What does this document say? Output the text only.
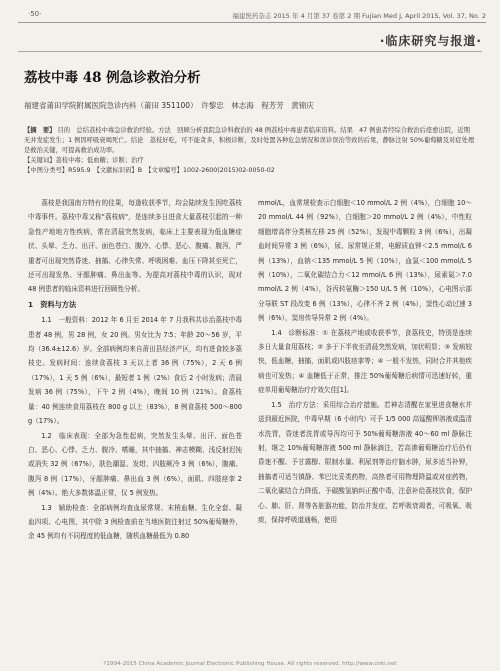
·50·	福建医药杂志 2015 年 4 月第 37 卷第 2 期 Fujian Med J, April 2015, Vol. 37, No. 2
·临床研究与报道·
荔枝中毒 48 例急诊救治分析
福建省莆田学院附属医院急诊内科（莆田 351100）　许黎忠　林志海　程芳芳　黄锦庆

【摘　要】 目的　总结荔枝中毒急诊救治经验。方法　回顾分析我院急诊科救治的 48 例荔枝中毒患者临床资料。结果　47 例患者经综合救治后痊愈出院，近期无并发症发生；1 例因呼吸衰竭死亡。结论　荔枝好吃，可不能贪多，积极诊断，及时处置各种危急情况和误诊误治等致的后果，静脉注射 50%葡萄糖及对症处理是救治关键，可提高救治成功率。

【关键词】荔枝中毒；低血糖；诊断；治疗

【中图分类号】R595.9　【文献标识码】B　【文章编号】1002-2600(2015)02-0050-02

荔枝是我国南方特有的佳果，每逢收获季节，均会陆续发生因吃荔枝中毒事件。荔枝中毒又称"荔枝病"，是连续多日进食大量荔枝引起的一种急性产地地方性疾病，常在清晨突然发病，临床上主要表现为低血糖症状、头晕、乏力、出汗、面色苍白、腹冷、心悸、恶心、腹痛、腹泻，严重者可出现突然昏迷、抽搐、心律失常、呼吸困难、血压下降甚至死亡，还可出现发热、牙龈肿痛、鼻出血等。为提高对荔枝中毒的认识，现对 48 例患者的临床资料进行回顾性分析。

1　资料与方法

1.1　一般资料：2012 年 6 月至 2014 年 7 月我科共诊治荔枝中毒患者 48 例，男 28 例，女 20 例。男女比为 7∶5；年龄 20～56 岁，平均（36.4±12.6）岁。全部病例均来自莆田县经济产区，均有进食较多荔枝史。发病时间：连续食荔枝 3 天以上者 36 例（75%），2 天 6 例（17%），1 天 5 例（6%），最短者 1 例（2%）食后 2 小时发病；清晨发病 36 例（75%），下午 2 例（4%），晚间 10 例（21%）。食荔枝量：40 例连续食用荔枝在 800 g 以上（83%），8 例食荔枝 500～800 g（17%）。

1.2　临床表现：全部为急性起病，突然发生头晕、出汗、面色苍白、恶心、心悸、乏力、腹冷、嗜睡，其中抽搐、神志模糊、浅反射迟钝或消失 32 例（67%），肤色潮湿、发绀、四肢厥冷 3 例（6%），腹痛、腹泻 8 例（17%），牙龈肿痛、鼻出血 3 例（6%），面肌、四肢痉挛 2 例（4%）。绝大多数体温正常，仅 5 例发热。

1.3　辅助检查：全部病例均查血尿常规、末梢血糖、生化全套、凝血四项、心电图，其中除 3 例检查前在当地医院注射过 50%葡萄糖外，余 45 例均有不同程度的低血糖，随机血糖最低为 0.80

mmol/L，血常规检查示白细胞＜10 mmol/L 2 例（4%），白细胞 10～20 mmol/L 44 例（92%），白细胞＞20 mmol/L 2 例（4%），中性粒细胞增高伴分类核左移 25 例（52%），发现中毒颗粒 3 例（6%），出凝血时间异常 3 例（6%），尿、尿常规正常，电解质血钾＜2.5 mmol/L 6 例（13%），血钠＜135 mmol/L 5 例（10%），血氯＜100 mmol/L 5 例（10%），二氧化碳结合力＜12 mmol/L 6 例（13%），尿素氮＞7.0 mmol/L 2 例（4%），谷丙转氨酶＞150 U/L 5 例（10%），心电图示部分导联 ST 段改变 6 例（13%），心律不齐 2 例（4%），窦性心动过速 3 例（6%），窦房传导异常 2 例（4%）。

1.4　诊断标准：① 在荔枝产地或收获季节，食荔枝史，特别是连续多日大量食用荔枝；② 多于下半夜至清晨突然发病，加状明显；③ 发病较快，低血糖，抽搐，面肌或四肢痉挛等；④ 一般不发热，同时合并其他疾病也可发热；④ 血糖低于正常，推注 50%葡萄糖后病情可迅速好转，重症单用葡萄糖治疗疗效欠佳[1]。

1.5　治疗方法：采用综合治疗措施。若神志清醒在家里进食糖水并送到最近医院，中毒早期（6 小时内）可予 1/5 000 高锰酸钾溶液或温清水洗胃，昏迷者洗胃或导泻均可予 50%葡萄糖溶液 40～60 ml 静脉注射，继之 10%葡萄糖溶液 500 ml 静脉滴注，若高渗葡萄糖治疗后仍有昏迷不醒、予甘露醇、限制水量、利尿剂等治疗脑水肿，尿多适当补钾，抽搐者可适当镇静、苯巴比妥类药物，高热者可用物理降温或对症药物，二氧化碳结合力降低、予碳酸氢钠纠正酸中毒，注意补给荔枝饮食，保护心、肺、肝、肾等各脏器功能，防治并发症，若呼吸衰竭者，可吸氧、吸痰，保持呼吸道通畅，使用

?1994-2015 China Academic Journal Electronic Publishing House. All rights reserved. http://www.cnki.net
